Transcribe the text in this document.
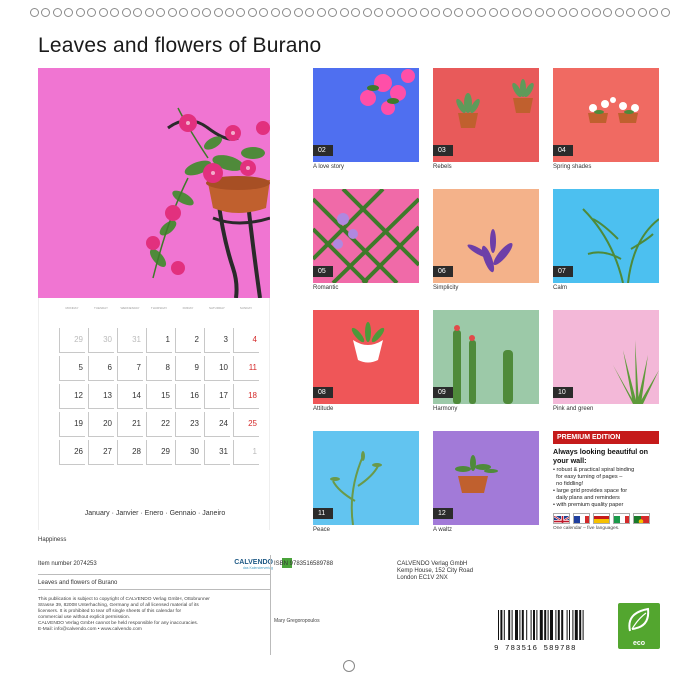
Leaves and flowers of Burano
MONDAY	TUESDAY	WEDNESDAY	THURSDAY	FRIDAY	SATURDAY	SUNDAY
29	30	31	1	2	3	4
5	6	7	8	9	10	11
12	13	14	15	16	17	18
19	20	21	22	23	24	25
26	27	28	29	30	31	1
January · Janvier · Enero · Gennaio · Janeiro
Happiness
02
A love story
03
Rebels
04
Spring shades
05
Romantic
06
Simplicity
07
Calm
08
Attitude
09
Harmony
10
Pink and green
11
Peace
12
A waltz
PREMIUM EDITION
Always looking beautiful on your wall:
• robust & practical spiral binding
for easy turning of pages –
no fiddling!
• large grid provides space for
daily plans and reminders
• with premium quality paper
One calendar – five languages.
Item number 2074253	CALVENDO
das Kalenderverlag
Leaves and flowers of Burano
This publication is subject to copyright of CALVENDO Verlag GmbH, Ottobrunner
Strasse 39, 82008 Unterhaching, Germany and of all licensed material of its
licensers. It is prohibited to tear off single sheets of this calendar for
commercial use without explicit permission.
CALVENDO Verlag GmbH cannot be held responsible for any inaccuracies.
E-Mail: info@calvendo.com • www.calvendo.com
ISBN 9783516589788	CALVENDO Verlag GmbH
Kemp House, 152 City Road
London EC1V 2NX
Mary Gregoropoulos
9 783516 589788
eco
